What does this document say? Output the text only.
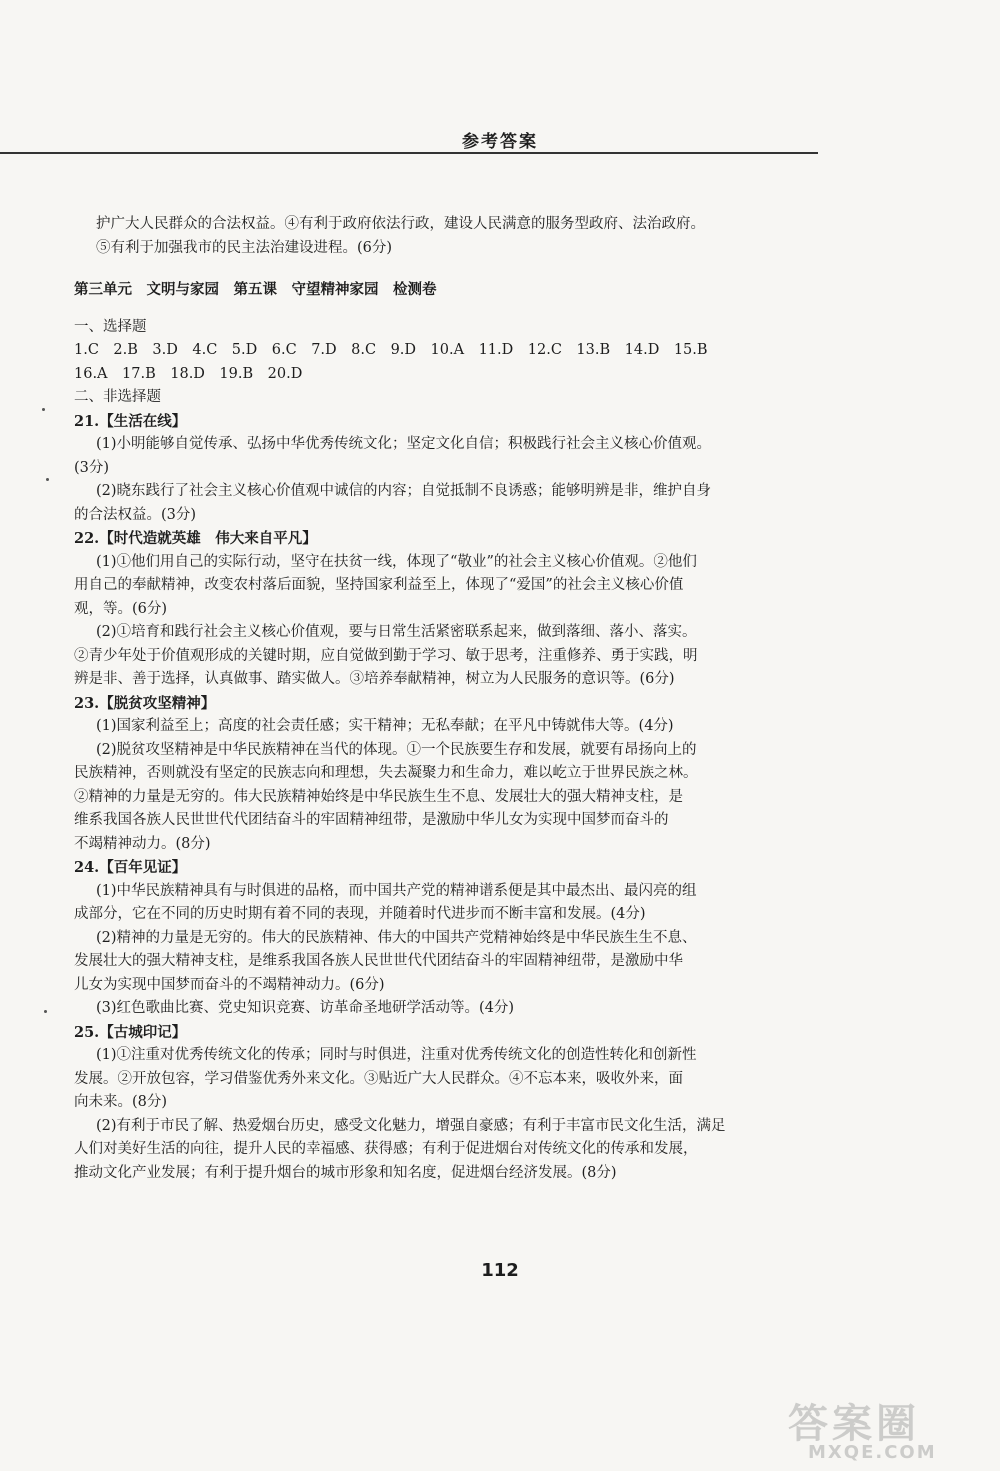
参考答案

护广大人民群众的合法权益。④有利于政府依法行政，建设人民满意的服务型政府、法治政府。

⑤有利于加强我市的民主法治建设进程。(6分)

第三单元　文明与家园　第五课　守望精神家园　检测卷

一、选择题

1.C　2.B　3.D　4.C　5.D　6.C　7.D　8.C　9.D　10.A　11.D　12.C　13.B　14.D　15.B

16.A　17.B　18.D　19.B　20.D

二、非选择题

21.【生活在线】

(1)小明能够自觉传承、弘扬中华优秀传统文化；坚定文化自信；积极践行社会主义核心价值观。

(3分)

(2)晓东践行了社会主义核心价值观中诚信的内容；自觉抵制不良诱惑；能够明辨是非，维护自身

的合法权益。(3分)

22.【时代造就英雄　伟大来自平凡】

(1)①他们用自己的实际行动，坚守在扶贫一线，体现了“敬业”的社会主义核心价值观。②他们

用自己的奉献精神，改变农村落后面貌，坚持国家利益至上，体现了“爱国”的社会主义核心价值

观，等。(6分)

(2)①培育和践行社会主义核心价值观，要与日常生活紧密联系起来，做到落细、落小、落实。

②青少年处于价值观形成的关键时期，应自觉做到勤于学习、敏于思考，注重修养、勇于实践，明

辨是非、善于选择，认真做事、踏实做人。③培养奉献精神，树立为人民服务的意识等。(6分)

23.【脱贫攻坚精神】

(1)国家利益至上；高度的社会责任感；实干精神；无私奉献；在平凡中铸就伟大等。(4分)

(2)脱贫攻坚精神是中华民族精神在当代的体现。①一个民族要生存和发展，就要有昂扬向上的

民族精神，否则就没有坚定的民族志向和理想，失去凝聚力和生命力，难以屹立于世界民族之林。

②精神的力量是无穷的。伟大民族精神始终是中华民族生生不息、发展壮大的强大精神支柱，是

维系我国各族人民世世代代团结奋斗的牢固精神纽带，是激励中华儿女为实现中国梦而奋斗的

不竭精神动力。(8分)

24.【百年见证】

(1)中华民族精神具有与时俱进的品格，而中国共产党的精神谱系便是其中最杰出、最闪亮的组

成部分，它在不同的历史时期有着不同的表现，并随着时代进步而不断丰富和发展。(4分)

(2)精神的力量是无穷的。伟大的民族精神、伟大的中国共产党精神始终是中华民族生生不息、

发展壮大的强大精神支柱，是维系我国各族人民世世代代团结奋斗的牢固精神纽带，是激励中华

儿女为实现中国梦而奋斗的不竭精神动力。(6分)

(3)红色歌曲比赛、党史知识竞赛、访革命圣地研学活动等。(4分)

25.【古城印记】

(1)①注重对优秀传统文化的传承；同时与时俱进，注重对优秀传统文化的创造性转化和创新性

发展。②开放包容，学习借鉴优秀外来文化。③贴近广大人民群众。④不忘本来，吸收外来，面

向未来。(8分)

(2)有利于市民了解、热爱烟台历史，感受文化魅力，增强自豪感；有利于丰富市民文化生活，满足

人们对美好生活的向往，提升人民的幸福感、获得感；有利于促进烟台对传统文化的传承和发展，

推动文化产业发展；有利于提升烟台的城市形象和知名度，促进烟台经济发展。(8分)

112
答案圈
MXQE.COM
